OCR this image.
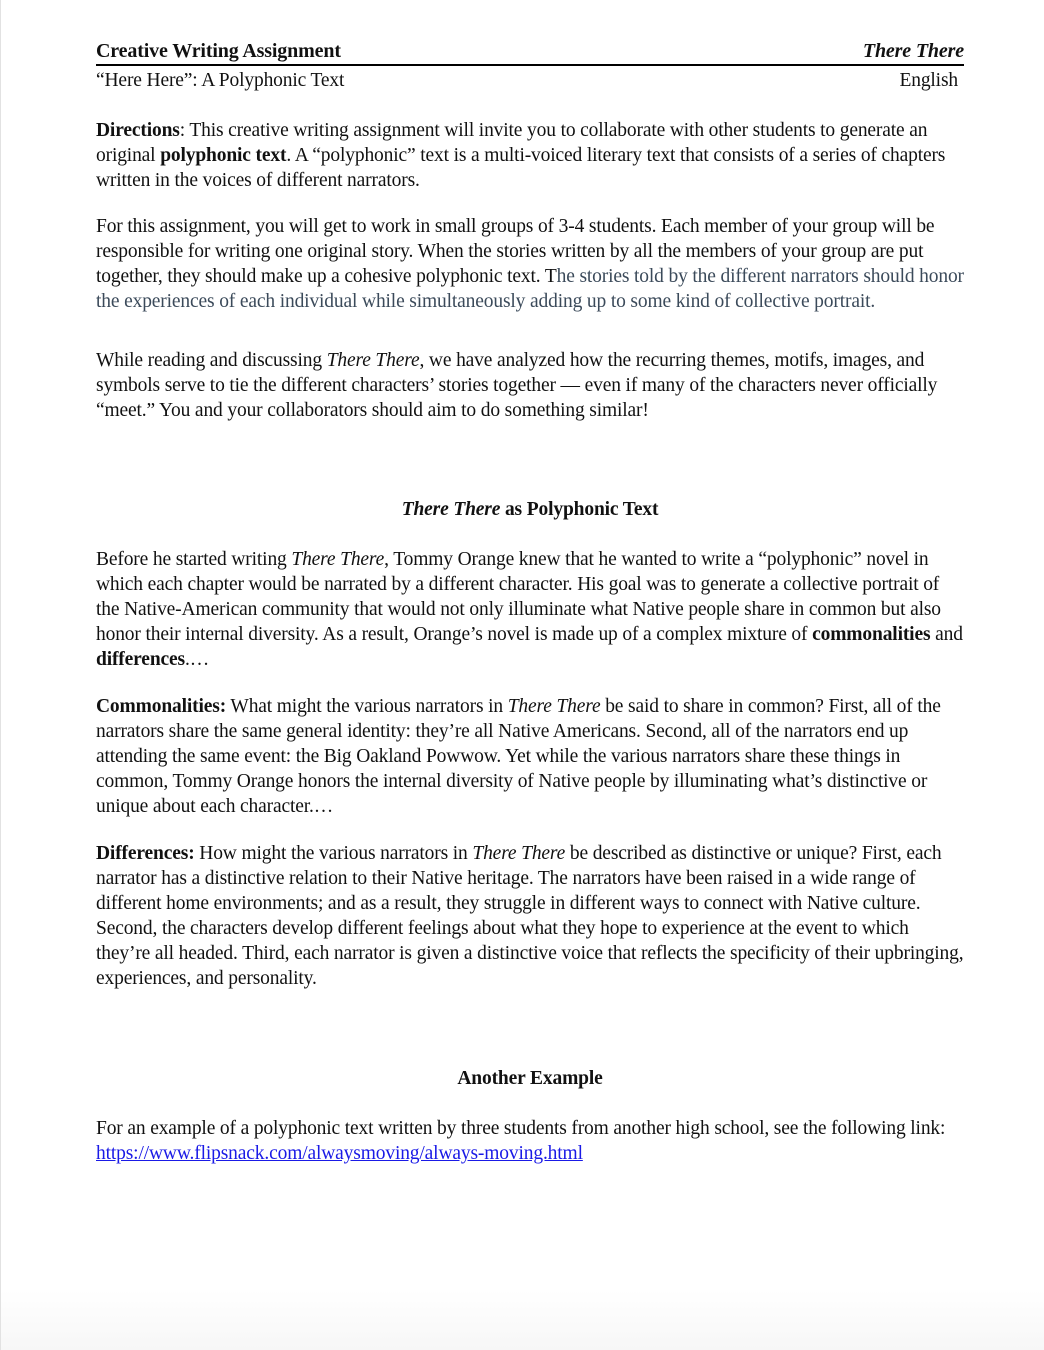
Creative Writing Assignment	There There
“Here Here”: A Polyphonic Text	English

Directions: This creative writing assignment will invite you to collaborate with other students to generate an original polyphonic text. A “polyphonic” text is a multi-voiced literary text that consists of a series of chapters written in the voices of different narrators.

For this assignment, you will get to work in small groups of 3-4 students. Each member of your group will be responsible for writing one original story. When the stories written by all the members of your group are put together, they should make up a cohesive polyphonic text. The stories told by the different narrators should honor the experiences of each individual while simultaneously adding up to some kind of collective portrait.

While reading and discussing There There, we have analyzed how the recurring themes, motifs, images, and symbols serve to tie the different characters’ stories together — even if many of the characters never officially “meet.” You and your collaborators should aim to do something similar!

There There as Polyphonic Text

Before he started writing There There, Tommy Orange knew that he wanted to write a “polyphonic” novel in which each chapter would be narrated by a different character. His goal was to generate a collective portrait of the Native-American community that would not only illuminate what Native people share in common but also honor their internal diversity. As a result, Orange’s novel is made up of a complex mixture of commonalities and differences.…

Commonalities: What might the various narrators in There There be said to share in common? First, all of the narrators share the same general identity: they’re all Native Americans. Second, all of the narrators end up attending the same event: the Big Oakland Powwow. Yet while the various narrators share these things in common, Tommy Orange honors the internal diversity of Native people by illuminating what’s distinctive or unique about each character.…

Differences: How might the various narrators in There There be described as distinctive or unique? First, each narrator has a distinctive relation to their Native heritage. The narrators have been raised in a wide range of different home environments; and as a result, they struggle in different ways to connect with Native culture. Second, the characters develop different feelings about what they hope to experience at the event to which they’re all headed. Third, each narrator is given a distinctive voice that reflects the specificity of their upbringing, experiences, and personality.

Another Example

For an example of a polyphonic text written by three students from another high school, see the following link: https://www.flipsnack.com/alwaysmoving/always-moving.html
